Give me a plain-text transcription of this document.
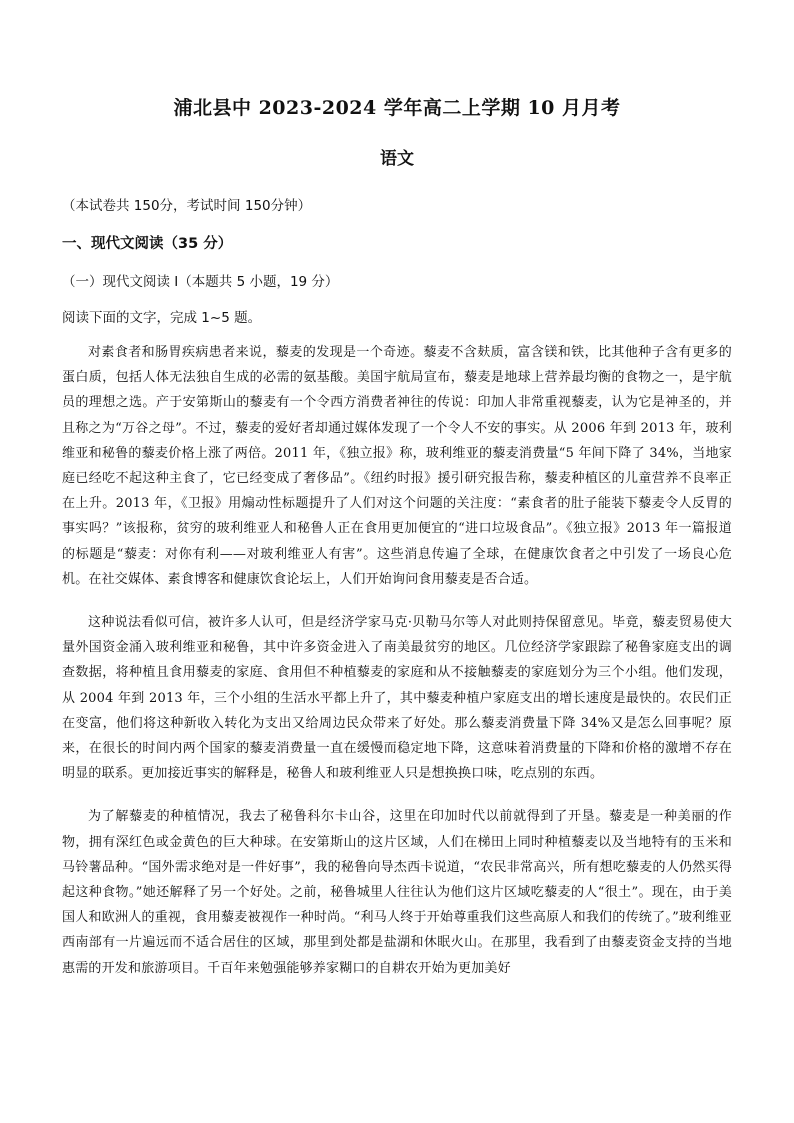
浦北县中 2023-2024 学年高二上学期 10 月月考
语文

（本试卷共 150分，考试时间 150分钟）

一、现代文阅读（35 分）

（一）现代文阅读 I（本题共 5 小题，19 分）

阅读下面的文字，完成 1~5 题。

对素食者和肠胃疾病患者来说，藜麦的发现是一个奇迹。藜麦不含麸质，富含镁和铁，比其他种子含有更多的蛋白质，包括人体无法独自生成的必需的氨基酸。美国宇航局宣布，藜麦是地球上营养最均衡的食物之一，是宇航员的理想之选。产于安第斯山的藜麦有一个令西方消费者神往的传说：印加人非常重视藜麦，认为它是神圣的，并且称之为“万谷之母”。不过，藜麦的爱好者却通过媒体发现了一个令人不安的事实。从 2006 年到 2013 年，玻利维亚和秘鲁的藜麦价格上涨了两倍。2011 年，《独立报》称，玻利维亚的藜麦消费量“5 年间下降了 34%，当地家庭已经吃不起这种主食了，它已经变成了奢侈品”。《纽约时报》援引研究报告称，藜麦种植区的儿童营养不良率正在上升。2013 年，《卫报》用煽动性标题提升了人们对这个问题的关注度：“素食者的肚子能装下藜麦令人反胃的事实吗？”该报称，贫穷的玻利维亚人和秘鲁人正在食用更加便宜的“进口垃圾食品”。《独立报》2013 年一篇报道的标题是“藜麦：对你有利——对玻利维亚人有害”。这些消息传遍了全球，在健康饮食者之中引发了一场良心危机。在社交媒体、素食博客和健康饮食论坛上，人们开始询问食用藜麦是否合适。

这种说法看似可信，被许多人认可，但是经济学家马克·贝勒马尔等人对此则持保留意见。毕竟，藜麦贸易使大量外国资金涌入玻利维亚和秘鲁，其中许多资金进入了南美最贫穷的地区。几位经济学家跟踪了秘鲁家庭支出的调查数据，将种植且食用藜麦的家庭、食用但不种植藜麦的家庭和从不接触藜麦的家庭划分为三个小组。他们发现，从 2004 年到 2013 年，三个小组的生活水平都上升了，其中藜麦种植户家庭支出的增长速度是最快的。农民们正在变富，他们将这种新收入转化为支出又给周边民众带来了好处。那么藜麦消费量下降 34%又是怎么回事呢？原来，在很长的时间内两个国家的藜麦消费量一直在缓慢而稳定地下降，这意味着消费量的下降和价格的激增不存在明显的联系。更加接近事实的解释是，秘鲁人和玻利维亚人只是想换换口味，吃点别的东西。

为了解藜麦的种植情况，我去了秘鲁科尔卡山谷，这里在印加时代以前就得到了开垦。藜麦是一种美丽的作物，拥有深红色或金黄色的巨大种球。在安第斯山的这片区域，人们在梯田上同时种植藜麦以及当地特有的玉米和马铃薯品种。“国外需求绝对是一件好事”，我的秘鲁向导杰西卡说道，“农民非常高兴，所有想吃藜麦的人仍然买得起这种食物。”她还解释了另一个好处。之前，秘鲁城里人往往认为他们这片区域吃藜麦的人“很土”。现在，由于美国人和欧洲人的重视，食用藜麦被视作一种时尚。“利马人终于开始尊重我们这些高原人和我们的传统了。”玻利维亚西南部有一片遍远而不适合居住的区域，那里到处都是盐湖和休眠火山。在那里，我看到了由藜麦资金支持的当地惠需的开发和旅游项目。千百年来勉强能够养家糊口的自耕农开始为更加美好
